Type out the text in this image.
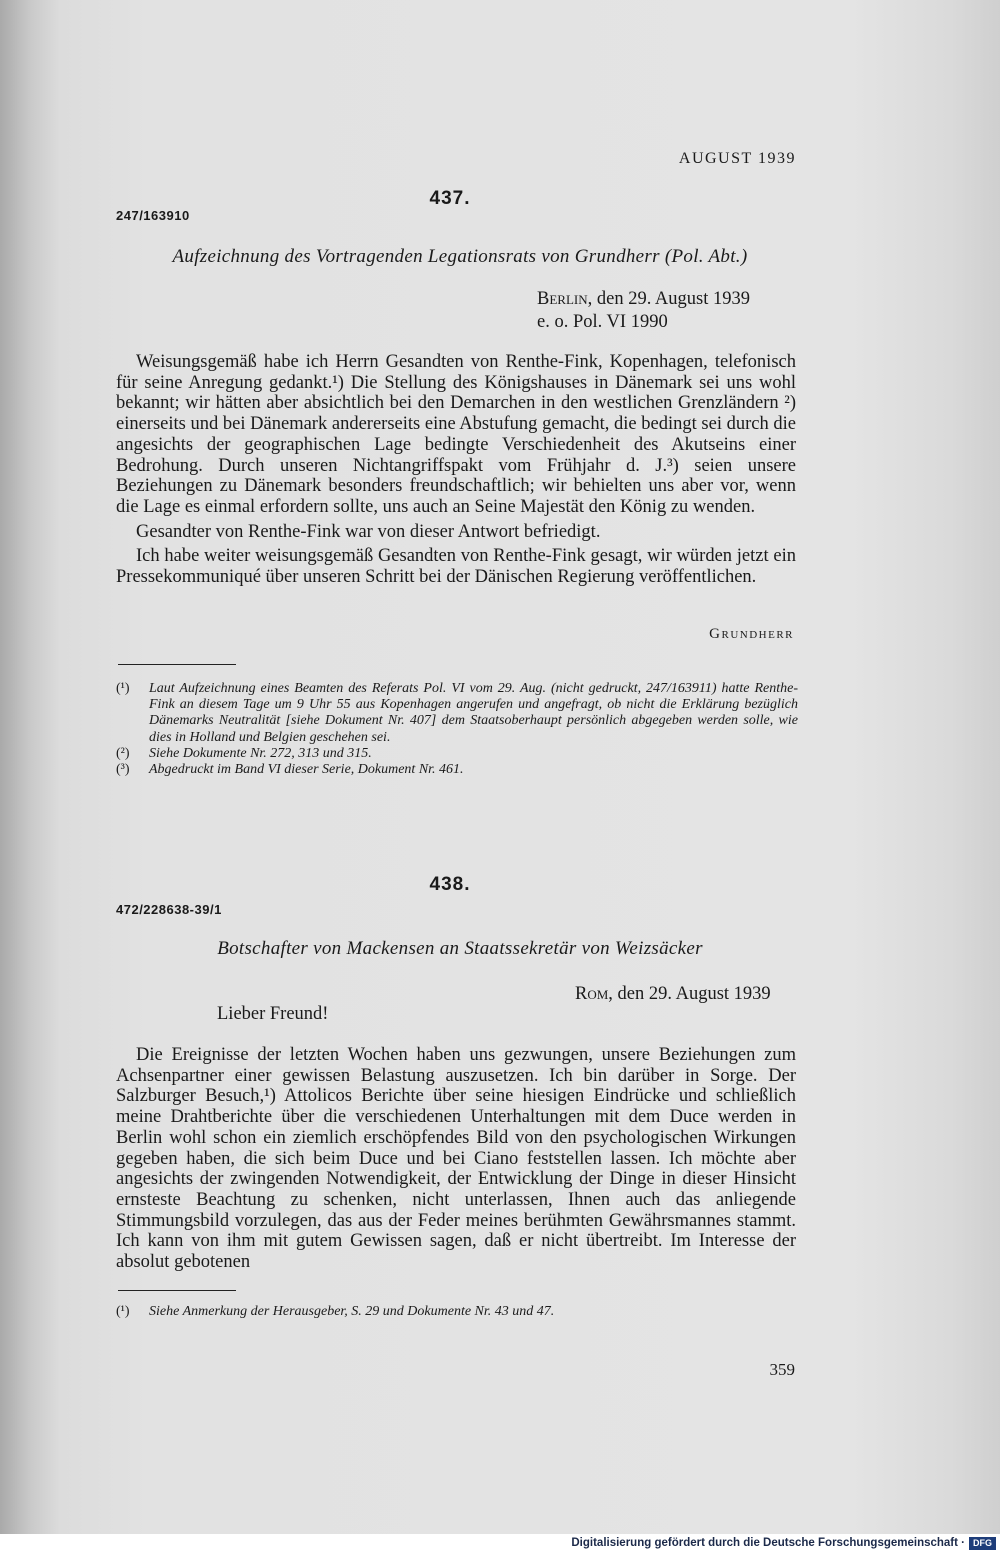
AUGUST 1939
437.
247/163910
Aufzeichnung des Vortragenden Legationsrats von Grundherr (Pol. Abt.)
Berlin, den 29. August 1939
e. o. Pol. VI 1990

Weisungsgemäß habe ich Herrn Gesandten von Renthe-Fink, Kopenhagen, telefonisch für seine Anregung gedankt.¹) Die Stellung des Königshauses in Dänemark sei uns wohl bekannt; wir hätten aber absichtlich bei den Demarchen in den westlichen Grenzländern ²) einerseits und bei Dänemark andererseits eine Abstufung gemacht, die bedingt sei durch die angesichts der geographischen Lage bedingte Verschiedenheit des Akutseins einer Bedrohung. Durch unseren Nichtangriffspakt vom Frühjahr d. J.³) seien unsere Beziehungen zu Dänemark besonders freundschaftlich; wir behielten uns aber vor, wenn die Lage es einmal erfordern sollte, uns auch an Seine Majestät den König zu wenden.

Gesandter von Renthe-Fink war von dieser Antwort befriedigt.

Ich habe weiter weisungsgemäß Gesandten von Renthe-Fink gesagt, wir würden jetzt ein Pressekommuniqué über unseren Schritt bei der Dänischen Regierung veröffentlichen.

Grundherr
(¹)	Laut Aufzeichnung eines Beamten des Referats Pol. VI vom 29. Aug. (nicht gedruckt, 247/163911) hatte Renthe-Fink an diesem Tage um 9 Uhr 55 aus Kopenhagen angerufen und angefragt, ob nicht die Erklärung bezüglich Dänemarks Neutralität [siehe Dokument Nr. 407] dem Staatsoberhaupt persönlich abgegeben werden solle, wie dies in Holland und Belgien geschehen sei.
(²)	Siehe Dokumente Nr. 272, 313 und 315.
(³)	Abgedruckt im Band VI dieser Serie, Dokument Nr. 461.
438.
472/228638-39/1
Botschafter von Mackensen an Staatssekretär von Weizsäcker
Rom, den 29. August 1939
Lieber Freund!

Die Ereignisse der letzten Wochen haben uns gezwungen, unsere Beziehungen zum Achsenpartner einer gewissen Belastung auszusetzen. Ich bin darüber in Sorge. Der Salzburger Besuch,¹) Attolicos Berichte über seine hiesigen Eindrücke und schließlich meine Drahtberichte über die verschiedenen Unterhaltungen mit dem Duce werden in Berlin wohl schon ein ziemlich erschöpfendes Bild von den psychologischen Wirkungen gegeben haben, die sich beim Duce und bei Ciano feststellen lassen. Ich möchte aber angesichts der zwingenden Notwendigkeit, der Entwicklung der Dinge in dieser Hinsicht ernsteste Beachtung zu schenken, nicht unterlassen, Ihnen auch das anliegende Stimmungsbild vorzulegen, das aus der Feder meines berühmten Gewährsmannes stammt. Ich kann von ihm mit gutem Gewissen sagen, daß er nicht übertreibt. Im Interesse der absolut gebotenen

(¹)	Siehe Anmerkung der Herausgeber, S. 29 und Dokumente Nr. 43 und 47.
359
Digitalisierung gefördert durch die Deutsche Forschungsgemeinschaft · DFG
